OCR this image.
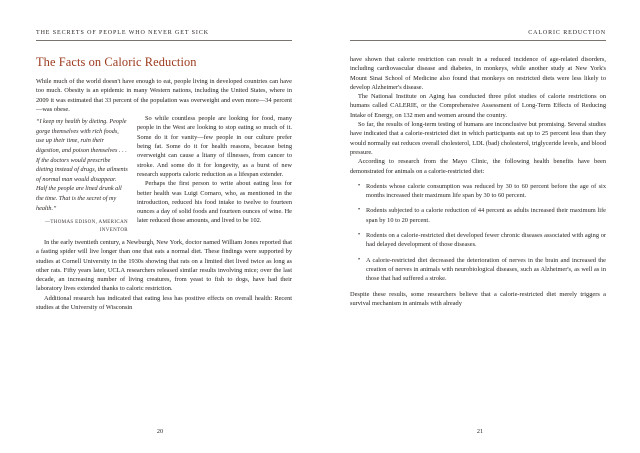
THE SECRETS OF PEOPLE WHO NEVER GET SICK
The Facts on Caloric Reduction

While much of the world doesn't have enough to eat, people living in developed countries can have too much. Obesity is an epidemic in many Western nations, including the United States, where in 2009 it was estimated that 33 percent of the population was overweight and even more—34 percent—was obese.

“I keep my health by dieting. People gorge themselves with rich foods, use up their time, ruin their digestion, and poison themselves . . . If the doctors would prescribe dieting instead of drugs, the ailments of normal man would disappear. Half the people are lined drunk all the time. That is the secret of my health.”
—THOMAS EDISON, AMERICAN INVENTOR

So while countless people are looking for food, many people in the West are looking to stop eating so much of it. Some do it for vanity—few people in our culture prefer being fat. Some do it for health reasons, because being overweight can cause a litany of illnesses, from cancer to stroke. And some do it for longevity, as a burst of new research supports caloric reduction as a lifespan extender.

Perhaps the first person to write about eating less for better health was Luigi Cornaro, who, as mentioned in the introduction, reduced his food intake to twelve to fourteen ounces a day of solid foods and fourteen ounces of wine. He later reduced those amounts, and lived to be 102.

In the early twentieth century, a Newburgh, New York, doctor named William Jones reported that a fasting spider will live longer than one that eats a normal diet. These findings were supported by studies at Cornell University in the 1930s showing that rats on a limited diet lived twice as long as other rats. Fifty years later, UCLA researchers released similar results involving mice; over the last decade, an increasing number of living creatures, from yeast to fish to dogs, have had their laboratory lives extended thanks to caloric restriction.

Additional research has indicated that eating less has positive effects on overall health: Recent studies at the University of Wisconsin

20
CALORIC REDUCTION

have shown that calorie restriction can result in a reduced incidence of age-related disorders, including cardiovascular disease and diabetes, in monkeys, while another study at New York's Mount Sinai School of Medicine also found that monkeys on restricted diets were less likely to develop Alzheimer's disease.

The National Institute on Aging has conducted three pilot studies of calorie restrictions on humans called CALERIE, or the Comprehensive Assessment of Long-Term Effects of Reducing Intake of Energy, on 132 men and women around the country.

So far, the results of long-term testing of humans are inconclusive but promising. Several studies have indicated that a calorie-restricted diet in which participants eat up to 25 percent less than they would normally eat reduces overall cholesterol, LDL (bad) cholesterol, triglyceride levels, and blood pressure.

According to research from the Mayo Clinic, the following health benefits have been demonstrated for animals on a calorie-restricted diet:

• Rodents whose calorie consumption was reduced by 30 to 60 percent before the age of six months increased their maximum life span by 30 to 60 percent.
• Rodents subjected to a calorie reduction of 44 percent as adults increased their maximum life span by 10 to 20 percent.
• Rodents on a calorie-restricted diet developed fewer chronic diseases associated with aging or had delayed development of those diseases.
• A calorie-restricted diet decreased the deterioration of nerves in the brain and increased the creation of nerves in animals with neurobiological diseases, such as Alzheimer's, as well as in those that had suffered a stroke.

Despite these results, some researchers believe that a calorie-restricted diet merely triggers a survival mechanism in animals with already

21
